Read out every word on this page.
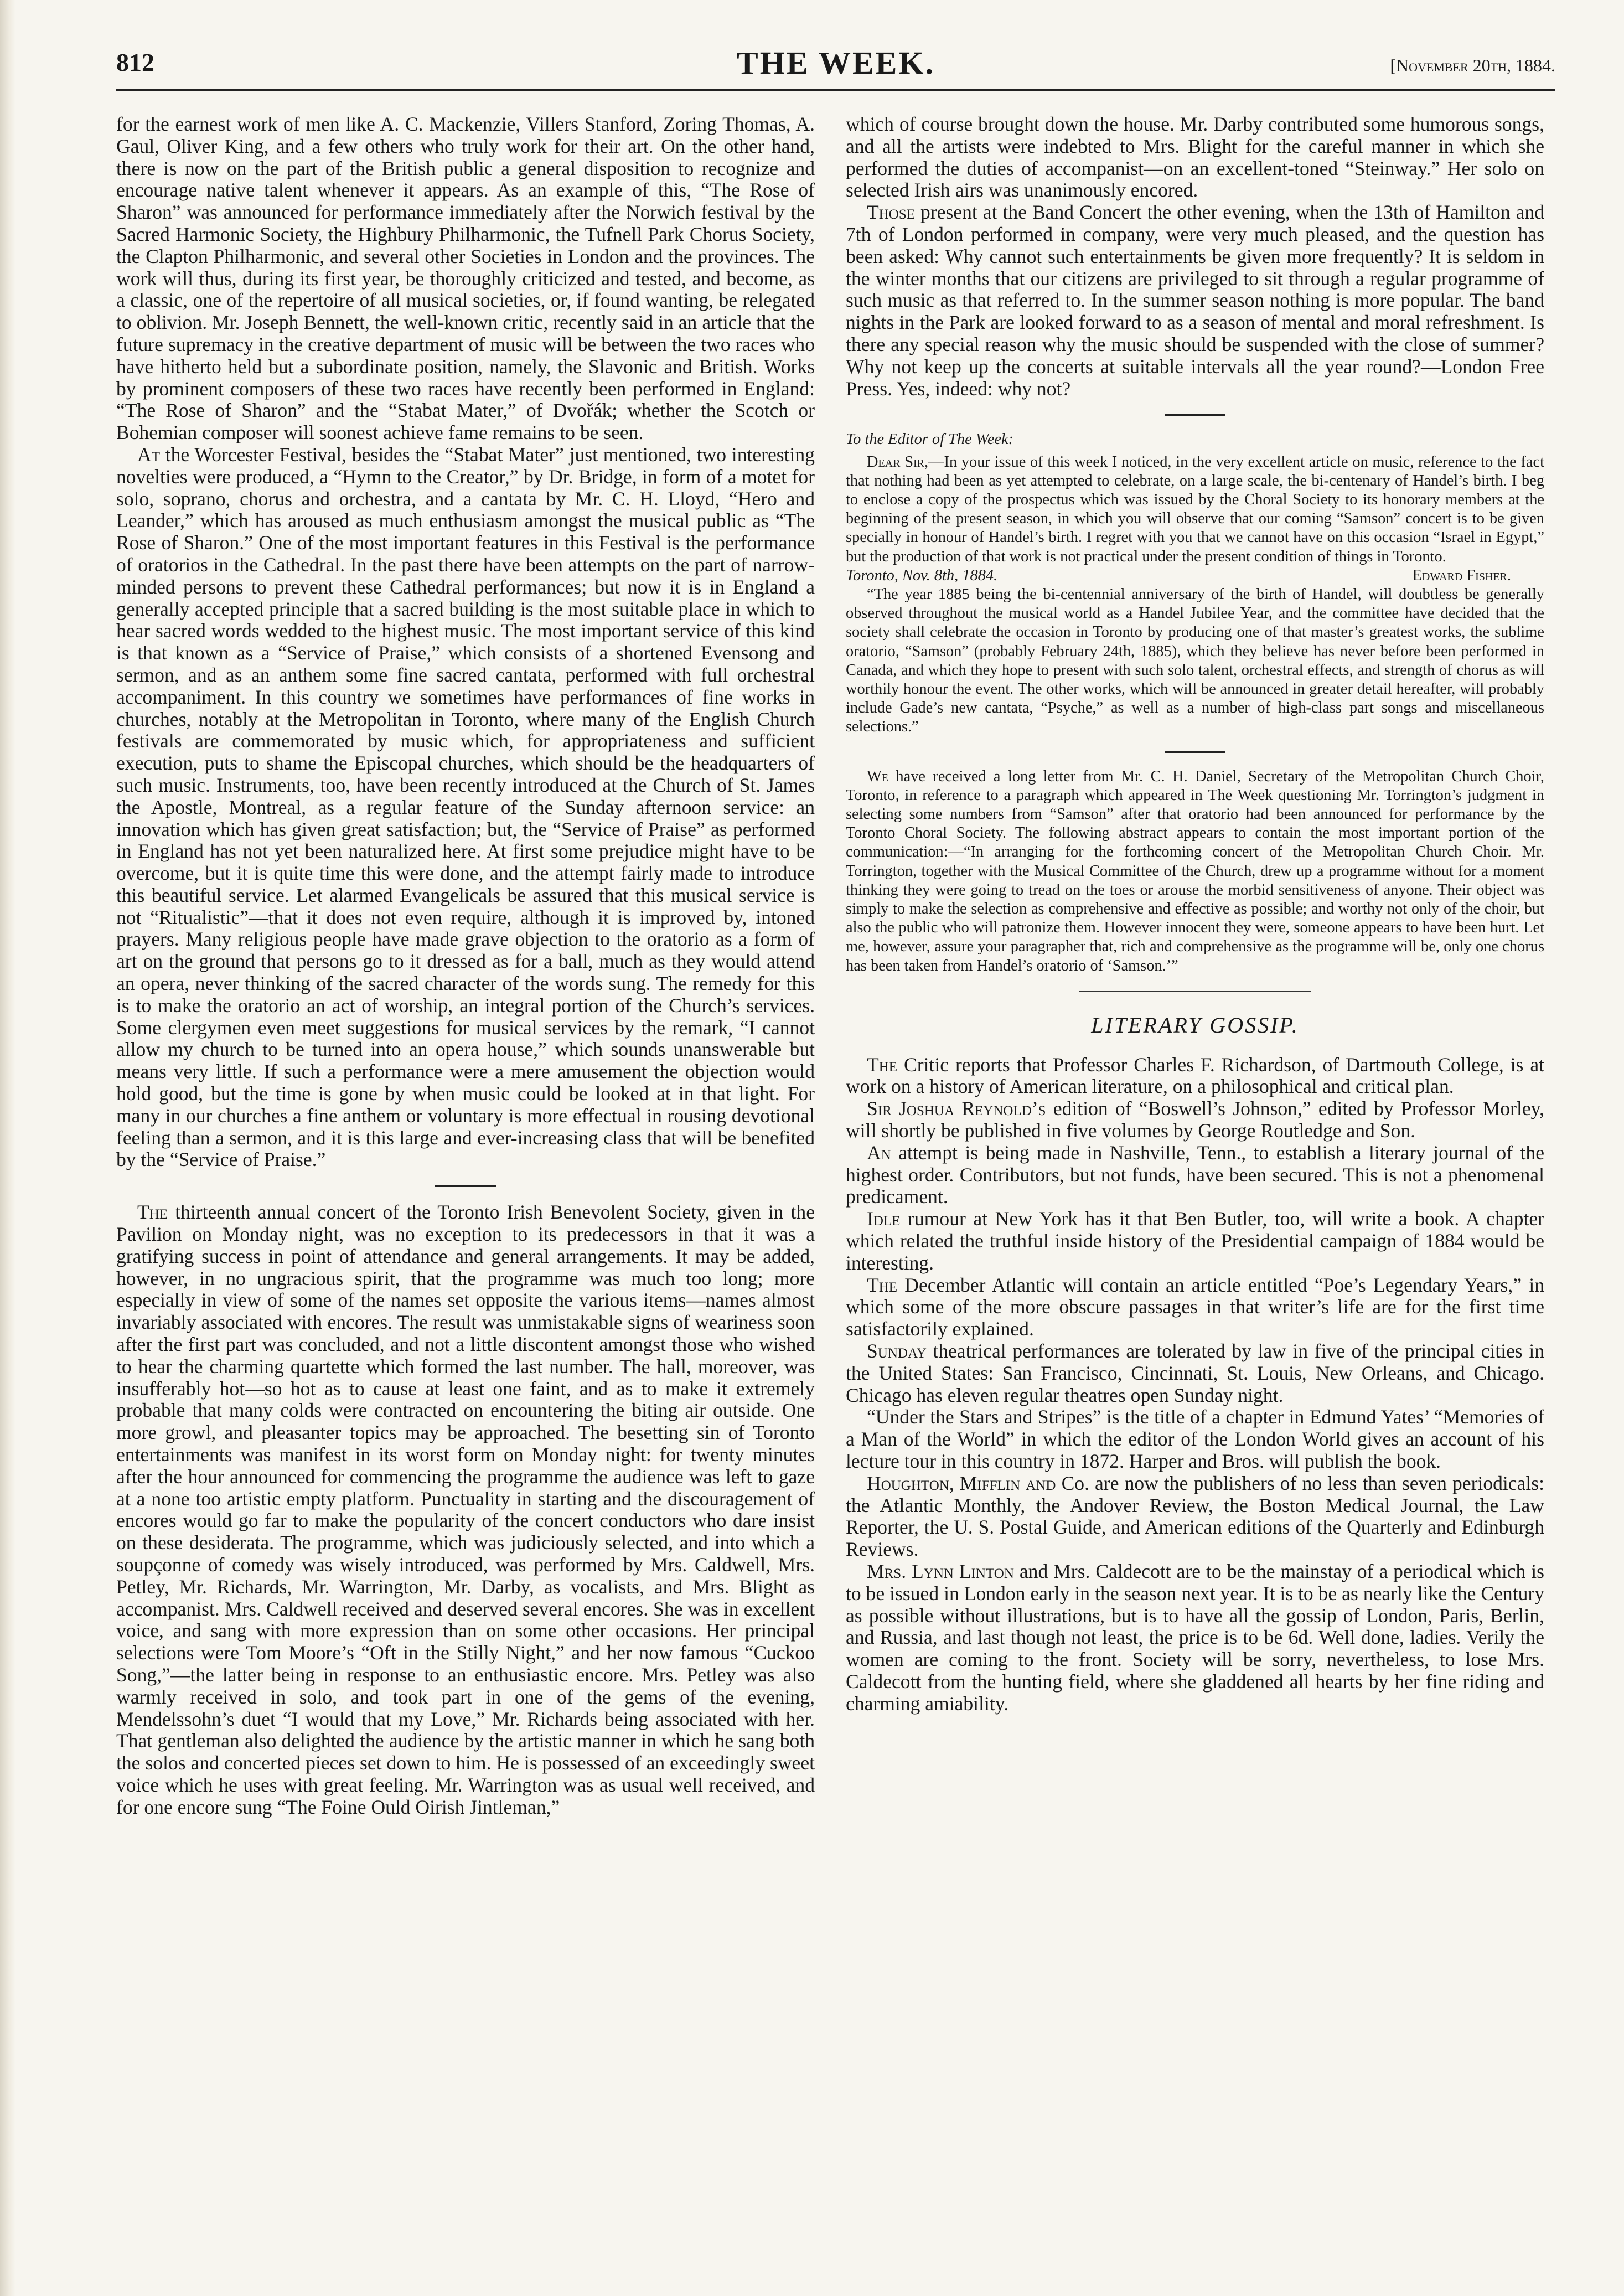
812	THE WEEK.	[November 20th, 1884.

for the earnest work of men like A. C. Mackenzie, Villers Stanford, Zoring Thomas, A. Gaul, Oliver King, and a few others who truly work for their art. On the other hand, there is now on the part of the British public a general disposition to recognize and encourage native talent whenever it appears. As an example of this, “The Rose of Sharon” was announced for performance immediately after the Norwich festival by the Sacred Harmonic Society, the Highbury Philharmonic, the Tufnell Park Chorus Society, the Clapton Philharmonic, and several other Societies in London and the provinces. The work will thus, during its first year, be thoroughly criticized and tested, and become, as a classic, one of the repertoire of all musical societies, or, if found wanting, be relegated to oblivion. Mr. Joseph Bennett, the well-known critic, recently said in an article that the future supremacy in the creative department of music will be between the two races who have hitherto held but a subordinate position, namely, the Slavonic and British. Works by prominent composers of these two races have recently been performed in England: “The Rose of Sharon” and the “Stabat Mater,” of Dvořák; whether the Scotch or Bohemian composer will soonest achieve fame remains to be seen.

At the Worcester Festival, besides the “Stabat Mater” just mentioned, two interesting novelties were produced, a “Hymn to the Creator,” by Dr. Bridge, in form of a motet for solo, soprano, chorus and orchestra, and a cantata by Mr. C. H. Lloyd, “Hero and Leander,” which has aroused as much enthusiasm amongst the musical public as “The Rose of Sharon.” One of the most important features in this Festival is the performance of oratorios in the Cathedral. In the past there have been attempts on the part of narrow-minded persons to prevent these Cathedral performances; but now it is in England a generally accepted principle that a sacred building is the most suitable place in which to hear sacred words wedded to the highest music. The most important service of this kind is that known as a “Service of Praise,” which consists of a shortened Evensong and sermon, and as an anthem some fine sacred cantata, performed with full orchestral accompaniment. In this country we sometimes have performances of fine works in churches, notably at the Metropolitan in Toronto, where many of the English Church festivals are commemorated by music which, for appropriateness and sufficient execution, puts to shame the Episcopal churches, which should be the headquarters of such music. Instruments, too, have been recently introduced at the Church of St. James the Apostle, Montreal, as a regular feature of the Sunday afternoon service: an innovation which has given great satisfaction; but, the “Service of Praise” as performed in England has not yet been naturalized here. At first some prejudice might have to be overcome, but it is quite time this were done, and the attempt fairly made to introduce this beautiful service. Let alarmed Evangelicals be assured that this musical service is not “Ritualistic”—that it does not even require, although it is improved by, intoned prayers. Many religious people have made grave objection to the oratorio as a form of art on the ground that persons go to it dressed as for a ball, much as they would attend an opera, never thinking of the sacred character of the words sung. The remedy for this is to make the oratorio an act of worship, an integral portion of the Church’s services. Some clergymen even meet suggestions for musical services by the remark, “I cannot allow my church to be turned into an opera house,” which sounds unanswerable but means very little. If such a performance were a mere amusement the objection would hold good, but the time is gone by when music could be looked at in that light. For many in our churches a fine anthem or voluntary is more effectual in rousing devotional feeling than a sermon, and it is this large and ever-increasing class that will be benefited by the “Service of Praise.”

The thirteenth annual concert of the Toronto Irish Benevolent Society, given in the Pavilion on Monday night, was no exception to its predecessors in that it was a gratifying success in point of attendance and general arrangements. It may be added, however, in no ungracious spirit, that the programme was much too long; more especially in view of some of the names set opposite the various items—names almost invariably associated with encores. The result was unmistakable signs of weariness soon after the first part was concluded, and not a little discontent amongst those who wished to hear the charming quartette which formed the last number. The hall, moreover, was insufferably hot—so hot as to cause at least one faint, and as to make it extremely probable that many colds were contracted on encountering the biting air outside. One more growl, and pleasanter topics may be approached. The besetting sin of Toronto entertainments was manifest in its worst form on Monday night: for twenty minutes after the hour announced for commencing the programme the audience was left to gaze at a none too artistic empty platform. Punctuality in starting and the discouragement of encores would go far to make the popularity of the concert conductors who dare insist on these desiderata. The programme, which was judiciously selected, and into which a soupçonne of comedy was wisely introduced, was performed by Mrs. Caldwell, Mrs. Petley, Mr. Richards, Mr. Warrington, Mr. Darby, as vocalists, and Mrs. Blight as accompanist. Mrs. Caldwell received and deserved several encores. She was in excellent voice, and sang with more expression than on some other occasions. Her principal selections were Tom Moore’s “Oft in the Stilly Night,” and her now famous “Cuckoo Song,”—the latter being in response to an enthusiastic encore. Mrs. Petley was also warmly received in solo, and took part in one of the gems of the evening, Mendelssohn’s duet “I would that my Love,” Mr. Richards being associated with her. That gentleman also delighted the audience by the artistic manner in which he sang both the solos and concerted pieces set down to him. He is possessed of an exceedingly sweet voice which he uses with great feeling. Mr. Warrington was as usual well received, and for one encore sung “The Foine Ould Oirish Jintleman,”

which of course brought down the house. Mr. Darby contributed some humorous songs, and all the artists were indebted to Mrs. Blight for the careful manner in which she performed the duties of accompanist—on an excellent-toned “Steinway.” Her solo on selected Irish airs was unanimously encored.

Those present at the Band Concert the other evening, when the 13th of Hamilton and 7th of London performed in company, were very much pleased, and the question has been asked: Why cannot such entertainments be given more frequently? It is seldom in the winter months that our citizens are privileged to sit through a regular programme of such music as that referred to. In the summer season nothing is more popular. The band nights in the Park are looked forward to as a season of mental and moral refreshment. Is there any special reason why the music should be suspended with the close of summer? Why not keep up the concerts at suitable intervals all the year round?—London Free Press. Yes, indeed: why not?

To the Editor of The Week:

Dear Sir,—In your issue of this week I noticed, in the very excellent article on music, reference to the fact that nothing had been as yet attempted to celebrate, on a large scale, the bi-centenary of Handel’s birth. I beg to enclose a copy of the prospectus which was issued by the Choral Society to its honorary members at the beginning of the present season, in which you will observe that our coming “Samson” concert is to be given specially in honour of Handel’s birth. I regret with you that we cannot have on this occasion “Israel in Egypt,” but the production of that work is not practical under the present condition of things in Toronto.
Edward Fisher.

Toronto, Nov. 8th, 1884.

“The year 1885 being the bi-centennial anniversary of the birth of Handel, will doubtless be generally observed throughout the musical world as a Handel Jubilee Year, and the committee have decided that the society shall celebrate the occasion in Toronto by producing one of that master’s greatest works, the sublime oratorio, “Samson” (probably February 24th, 1885), which they believe has never before been performed in Canada, and which they hope to present with such solo talent, orchestral effects, and strength of chorus as will worthily honour the event. The other works, which will be announced in greater detail hereafter, will probably include Gade’s new cantata, “Psyche,” as well as a number of high-class part songs and miscellaneous selections.”

We have received a long letter from Mr. C. H. Daniel, Secretary of the Metropolitan Church Choir, Toronto, in reference to a paragraph which appeared in The Week questioning Mr. Torrington’s judgment in selecting some numbers from “Samson” after that oratorio had been announced for performance by the Toronto Choral Society. The following abstract appears to contain the most important portion of the communication:—“In arranging for the forthcoming concert of the Metropolitan Church Choir. Mr. Torrington, together with the Musical Committee of the Church, drew up a programme without for a moment thinking they were going to tread on the toes or arouse the morbid sensitiveness of anyone. Their object was simply to make the selection as comprehensive and effective as possible; and worthy not only of the choir, but also the public who will patronize them. However innocent they were, someone appears to have been hurt. Let me, however, assure your paragrapher that, rich and comprehensive as the programme will be, only one chorus has been taken from Handel’s oratorio of ‘Samson.’”

LITERARY GOSSIP.

The Critic reports that Professor Charles F. Richardson, of Dartmouth College, is at work on a history of American literature, on a philosophical and critical plan.

Sir Joshua Reynold’s edition of “Boswell’s Johnson,” edited by Professor Morley, will shortly be published in five volumes by George Routledge and Son.

An attempt is being made in Nashville, Tenn., to establish a literary journal of the highest order. Contributors, but not funds, have been secured. This is not a phenomenal predicament.

Idle rumour at New York has it that Ben Butler, too, will write a book. A chapter which related the truthful inside history of the Presidential campaign of 1884 would be interesting.

The December Atlantic will contain an article entitled “Poe’s Legendary Years,” in which some of the more obscure passages in that writer’s life are for the first time satisfactorily explained.

Sunday theatrical performances are tolerated by law in five of the principal cities in the United States: San Francisco, Cincinnati, St. Louis, New Orleans, and Chicago. Chicago has eleven regular theatres open Sunday night.

“Under the Stars and Stripes” is the title of a chapter in Edmund Yates’ “Memories of a Man of the World” in which the editor of the London World gives an account of his lecture tour in this country in 1872. Harper and Bros. will publish the book.

Houghton, Mifflin and Co. are now the publishers of no less than seven periodicals: the Atlantic Monthly, the Andover Review, the Boston Medical Journal, the Law Reporter, the U. S. Postal Guide, and American editions of the Quarterly and Edinburgh Reviews.

Mrs. Lynn Linton and Mrs. Caldecott are to be the mainstay of a periodical which is to be issued in London early in the season next year. It is to be as nearly like the Century as possible without illustrations, but is to have all the gossip of London, Paris, Berlin, and Russia, and last though not least, the price is to be 6d. Well done, ladies. Verily the women are coming to the front. Society will be sorry, nevertheless, to lose Mrs. Caldecott from the hunting field, where she gladdened all hearts by her fine riding and charming amiability.
